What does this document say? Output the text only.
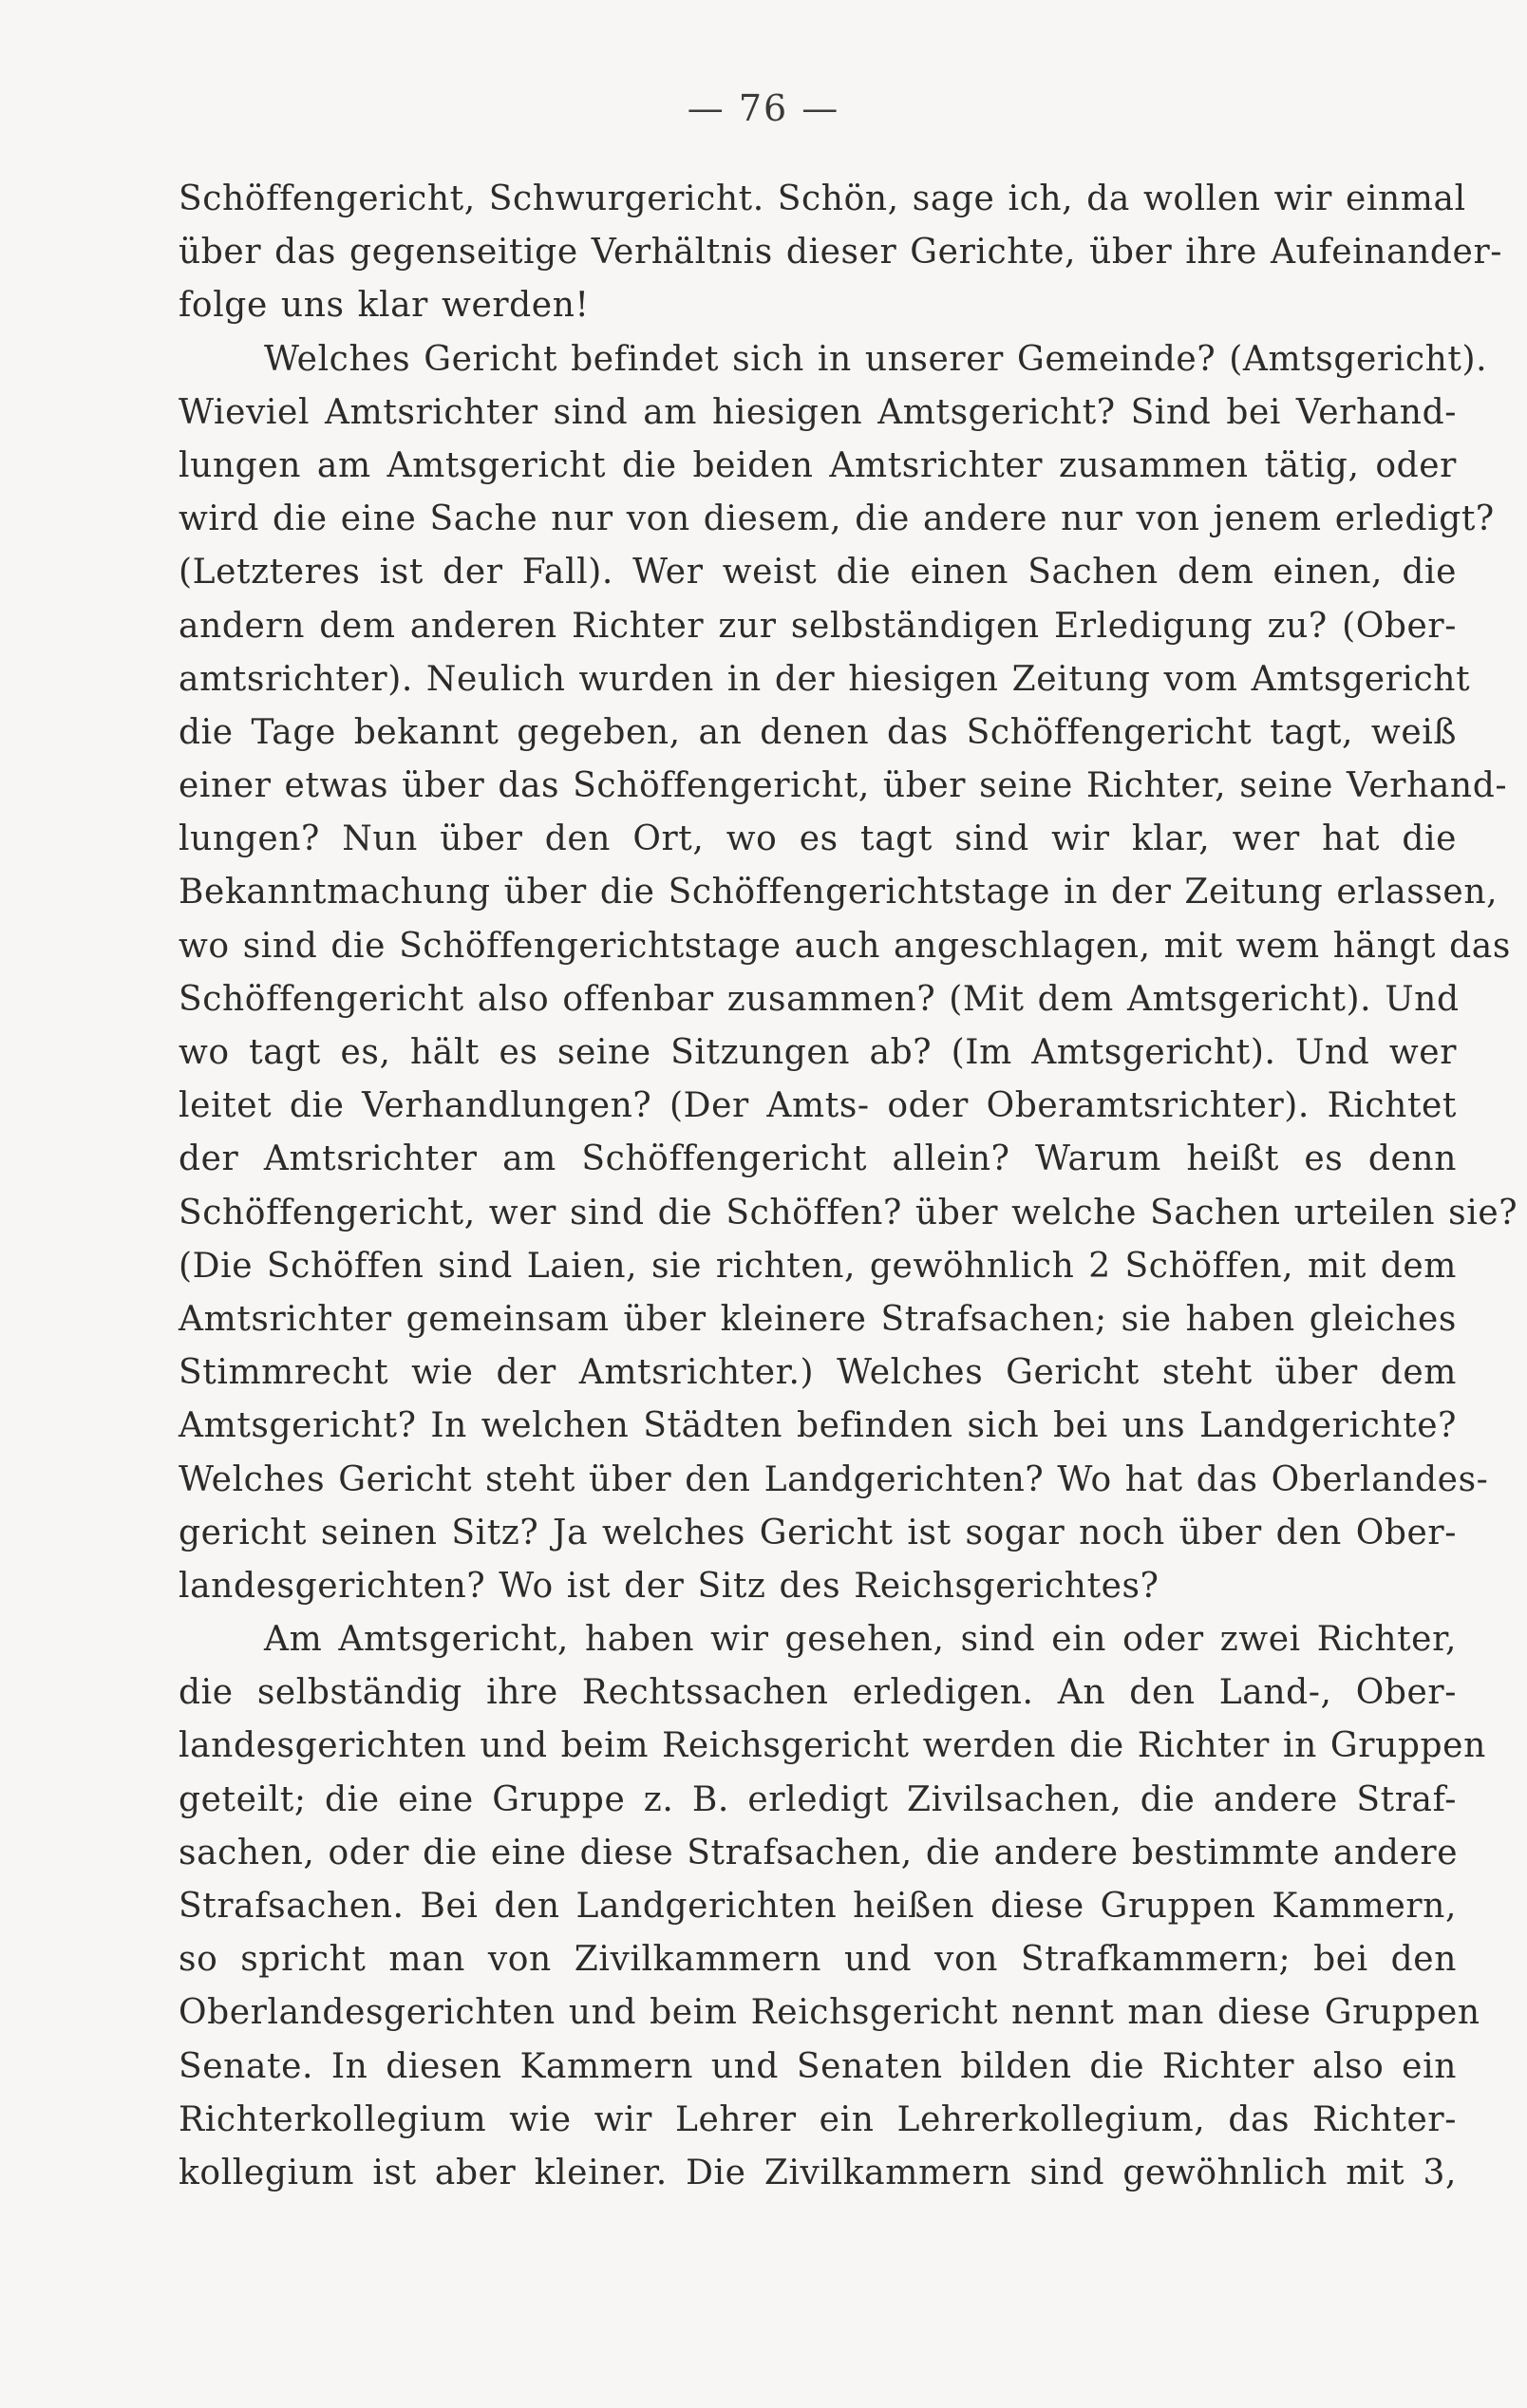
— 76 —
Schöffengericht, Schwurgericht. Schön, sage ich, da wollen wir einmal
über das gegenseitige Verhältnis dieser Gerichte, über ihre Aufeinander-
folge uns klar werden!
Welches Gericht befindet sich in unserer Gemeinde? (Amtsgericht).
Wieviel Amtsrichter sind am hiesigen Amtsgericht? Sind bei Verhand-
lungen am Amtsgericht die beiden Amtsrichter zusammen tätig, oder
wird die eine Sache nur von diesem, die andere nur von jenem erledigt?
(Letzteres ist der Fall). Wer weist die einen Sachen dem einen, die
andern dem anderen Richter zur selbständigen Erledigung zu? (Ober-
amtsrichter). Neulich wurden in der hiesigen Zeitung vom Amtsgericht
die Tage bekannt gegeben, an denen das Schöffengericht tagt, weiß
einer etwas über das Schöffengericht, über seine Richter, seine Verhand-
lungen? Nun über den Ort, wo es tagt sind wir klar, wer hat die
Bekanntmachung über die Schöffengerichtstage in der Zeitung erlassen,
wo sind die Schöffengerichtstage auch angeschlagen, mit wem hängt das
Schöffengericht also offenbar zusammen? (Mit dem Amtsgericht). Und
wo tagt es, hält es seine Sitzungen ab? (Im Amtsgericht). Und wer
leitet die Verhandlungen? (Der Amts- oder Oberamtsrichter). Richtet
der Amtsrichter am Schöffengericht allein? Warum heißt es denn
Schöffengericht, wer sind die Schöffen? über welche Sachen urteilen sie?
(Die Schöffen sind Laien, sie richten, gewöhnlich 2 Schöffen, mit dem
Amtsrichter gemeinsam über kleinere Strafsachen; sie haben gleiches
Stimmrecht wie der Amtsrichter.) Welches Gericht steht über dem
Amtsgericht? In welchen Städten befinden sich bei uns Landgerichte?
Welches Gericht steht über den Landgerichten? Wo hat das Oberlandes-
gericht seinen Sitz? Ja welches Gericht ist sogar noch über den Ober-
landesgerichten? Wo ist der Sitz des Reichsgerichtes?
Am Amtsgericht, haben wir gesehen, sind ein oder zwei Richter,
die selbständig ihre Rechtssachen erledigen. An den Land-, Ober-
landesgerichten und beim Reichsgericht werden die Richter in Gruppen
geteilt; die eine Gruppe z. B. erledigt Zivilsachen, die andere Straf-
sachen, oder die eine diese Strafsachen, die andere bestimmte andere
Strafsachen. Bei den Landgerichten heißen diese Gruppen Kammern,
so spricht man von Zivilkammern und von Strafkammern; bei den
Oberlandesgerichten und beim Reichsgericht nennt man diese Gruppen
Senate. In diesen Kammern und Senaten bilden die Richter also ein
Richterkollegium wie wir Lehrer ein Lehrerkollegium, das Richter-
kollegium ist aber kleiner. Die Zivilkammern sind gewöhnlich mit 3,
